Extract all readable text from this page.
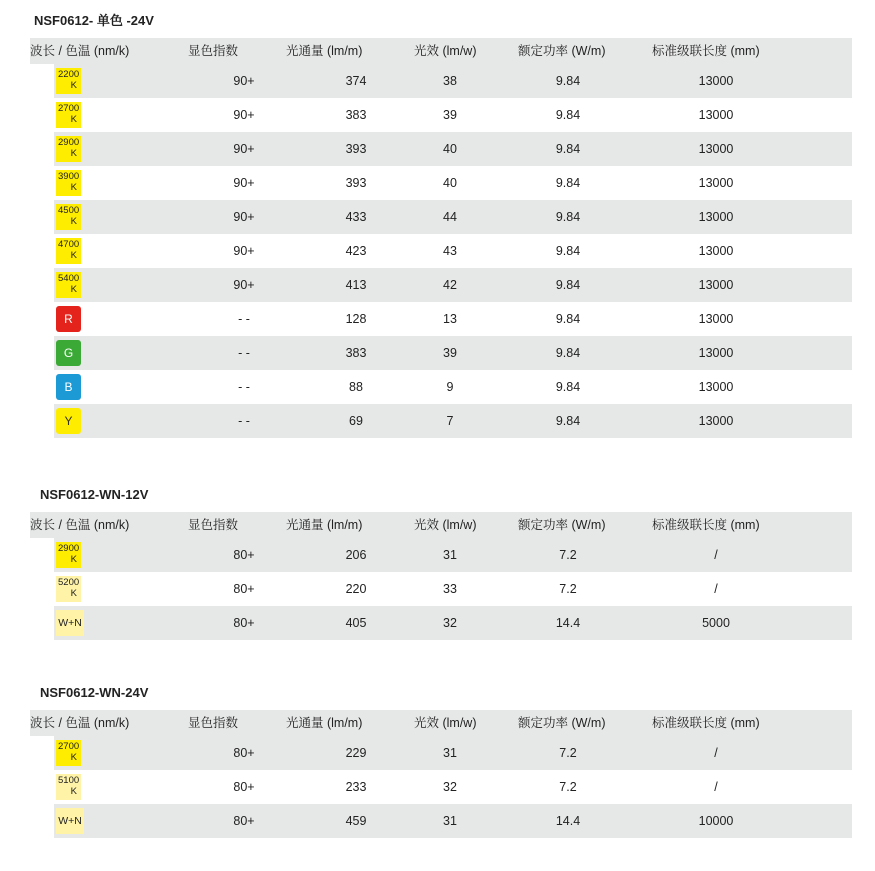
NSF0612- 单色 -24V
波长 / 色温 (nm/k)	显色指数	光通量 (lm/m)	光效 (lm/w)	额定功率 (W/m)	标准级联长度 (mm)
2200
K	90+	374	38	9.84	13000
2700
K	90+	383	39	9.84	13000
2900
K	90+	393	40	9.84	13000
3900
K	90+	393	40	9.84	13000
4500
K	90+	433	44	9.84	13000
4700
K	90+	423	43	9.84	13000
5400
K	90+	413	42	9.84	13000
R	- -	128	13	9.84	13000
G	- -	383	39	9.84	13000
B	- -	88	9	9.84	13000
Y	- -	69	7	9.84	13000
NSF0612-WN-12V
波长 / 色温 (nm/k)	显色指数	光通量 (lm/m)	光效 (lm/w)	额定功率 (W/m)	标准级联长度 (mm)
2900
K	80+	206	31	7.2	/
5200
K	80+	220	33	7.2	/
W+N	80+	405	32	14.4	5000
NSF0612-WN-24V
波长 / 色温 (nm/k)	显色指数	光通量 (lm/m)	光效 (lm/w)	额定功率 (W/m)	标准级联长度 (mm)
2700
K	80+	229	31	7.2	/
5100
K	80+	233	32	7.2	/
W+N	80+	459	31	14.4	10000
